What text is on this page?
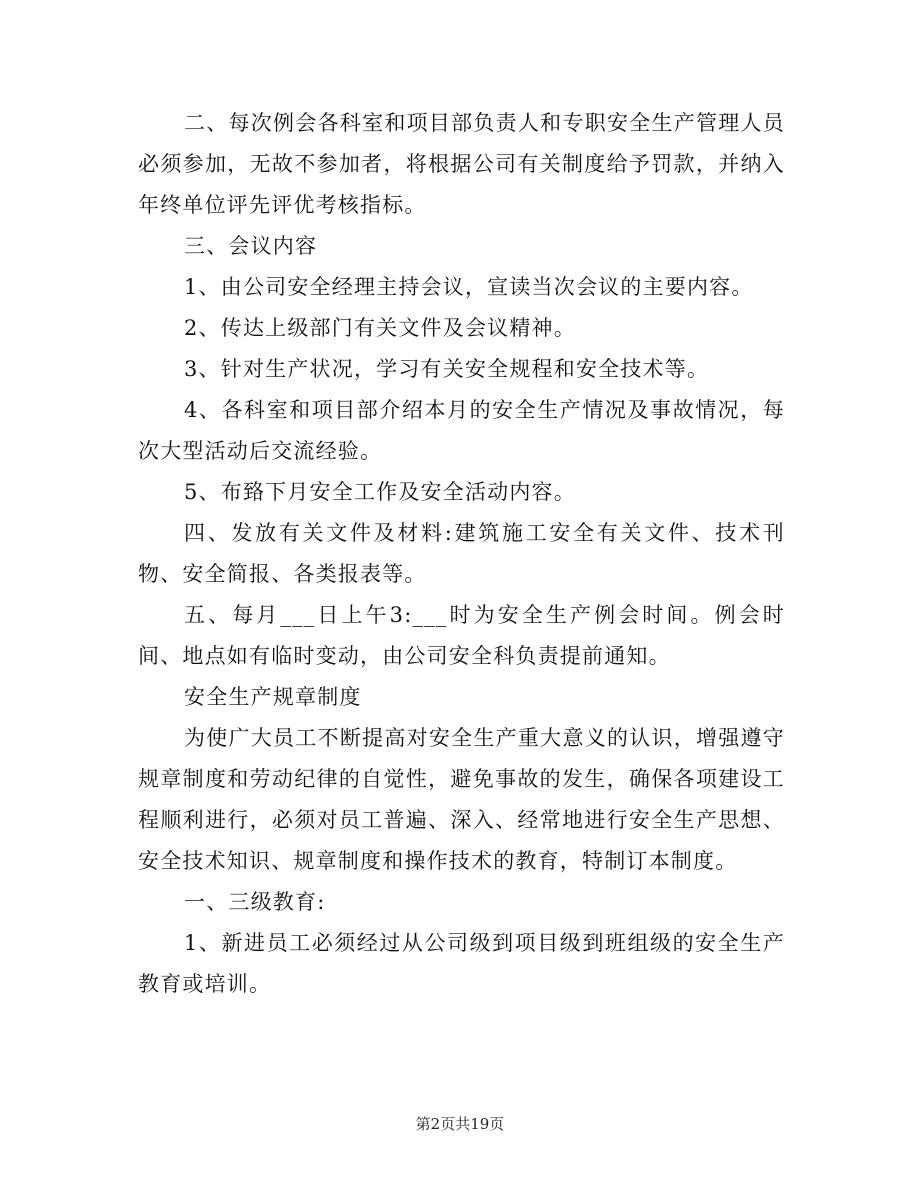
二、每次例会各科室和项目部负责人和专职安全生产管理人员必须参加，无故不参加者，将根据公司有关制度给予罚款，并纳入年终单位评先评优考核指标。

三、会议内容

1、由公司安全经理主持会议，宣读当次会议的主要内容。

2、传达上级部门有关文件及会议精神。

3、针对生产状况，学习有关安全规程和安全技术等。

4、各科室和项目部介绍本月的安全生产情况及事故情况，每次大型活动后交流经验。

5、布臵下月安全工作及安全活动内容。

四、发放有关文件及材料:建筑施工安全有关文件、技术刊物、安全简报、各类报表等。

五、每月___日上午3:___时为安全生产例会时间。例会时间、地点如有临时变动，由公司安全科负责提前通知。

安全生产规章制度

为使广大员工不断提高对安全生产重大意义的认识，增强遵守规章制度和劳动纪律的自觉性，避免事故的发生，确保各项建设工程顺利进行，必须对员工普遍、深入、经常地进行安全生产思想、安全技术知识、规章制度和操作技术的教育，特制订本制度。

一、三级教育:

1、新进员工必须经过从公司级到项目级到班组级的安全生产教育或培训。

第2页共19页
